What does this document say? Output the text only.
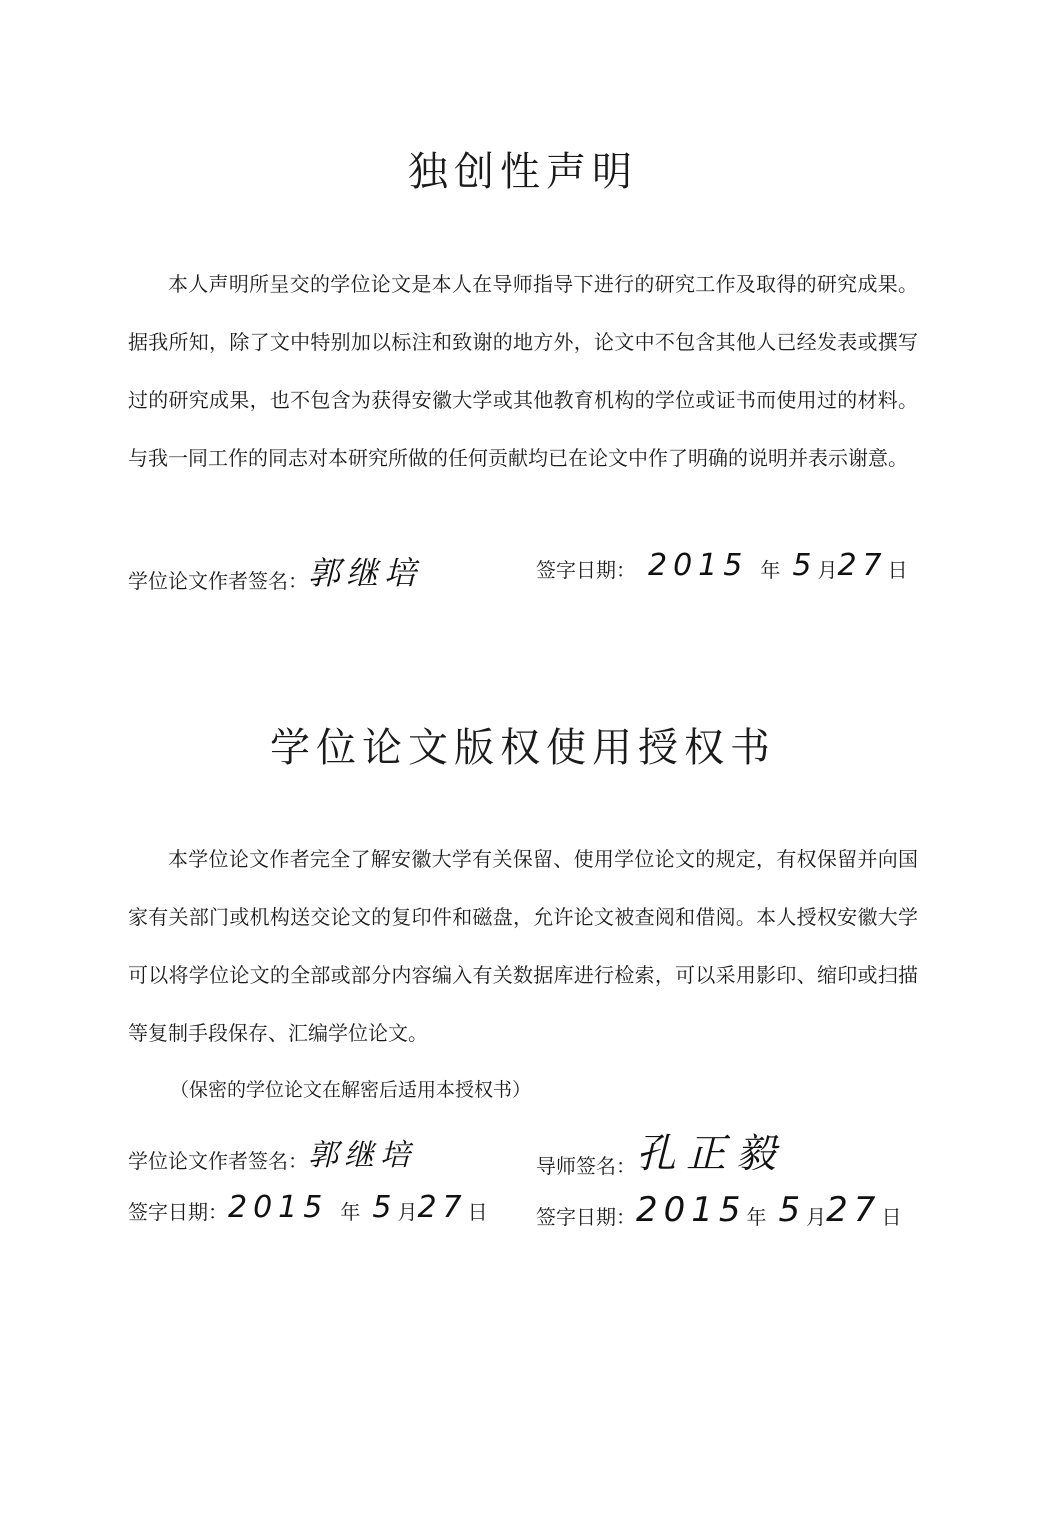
独创性声明

本人声明所呈交的学位论文是本人在导师指导下进行的研究工作及取得的研究成果。据我所知，除了文中特别加以标注和致谢的地方外，论文中不包含其他人已经发表或撰写过的研究成果，也不包含为获得安徽大学或其他教育机构的学位或证书而使用过的材料。与我一同工作的同志对本研究所做的任何贡献均已在论文中作了明确的说明并表示谢意。

学位论文作者签名： 郭继培	签字日期： 2015 年 5 月 27 日
学位论文版权使用授权书

本学位论文作者完全了解安徽大学有关保留、使用学位论文的规定，有权保留并向国家有关部门或机构送交论文的复印件和磁盘，允许论文被查阅和借阅。本人授权安徽大学可以将学位论文的全部或部分内容编入有关数据库进行检索，可以采用影印、缩印或扫描等复制手段保存、汇编学位论文。

（保密的学位论文在解密后适用本授权书）

学位论文作者签名： 郭继培	导师签名： 孔正毅
签字日期： 2015 年 5 月 27 日 签字日期： 2015 年 5 月 27 日
